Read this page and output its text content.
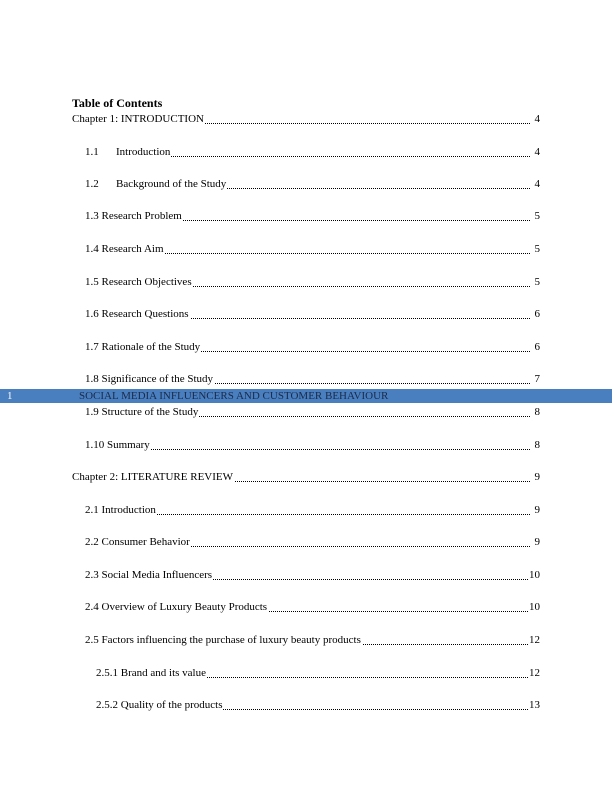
Table of Contents
Chapter 1: INTRODUCTION	4
1.1 Introduction	4
1.2 Background of the Study	4
1.3 Research Problem	5
1.4 Research Aim	5
1.5 Research Objectives	5
1.6 Research Questions	6
1.7 Rationale of the Study	6
1.8 Significance of the Study	7
1	SOCIAL MEDIA INFLUENCERS AND CUSTOMER BEHAVIOUR
1.9 Structure of the Study	8
1.10 Summary	8
Chapter 2: LITERATURE REVIEW	9
2.1 Introduction	9
2.2 Consumer Behavior	9
2.3 Social Media Influencers	10
2.4 Overview of Luxury Beauty Products	10
2.5 Factors influencing the purchase of luxury beauty products	12
2.5.1 Brand and its value	12
2.5.2 Quality of the products	13
